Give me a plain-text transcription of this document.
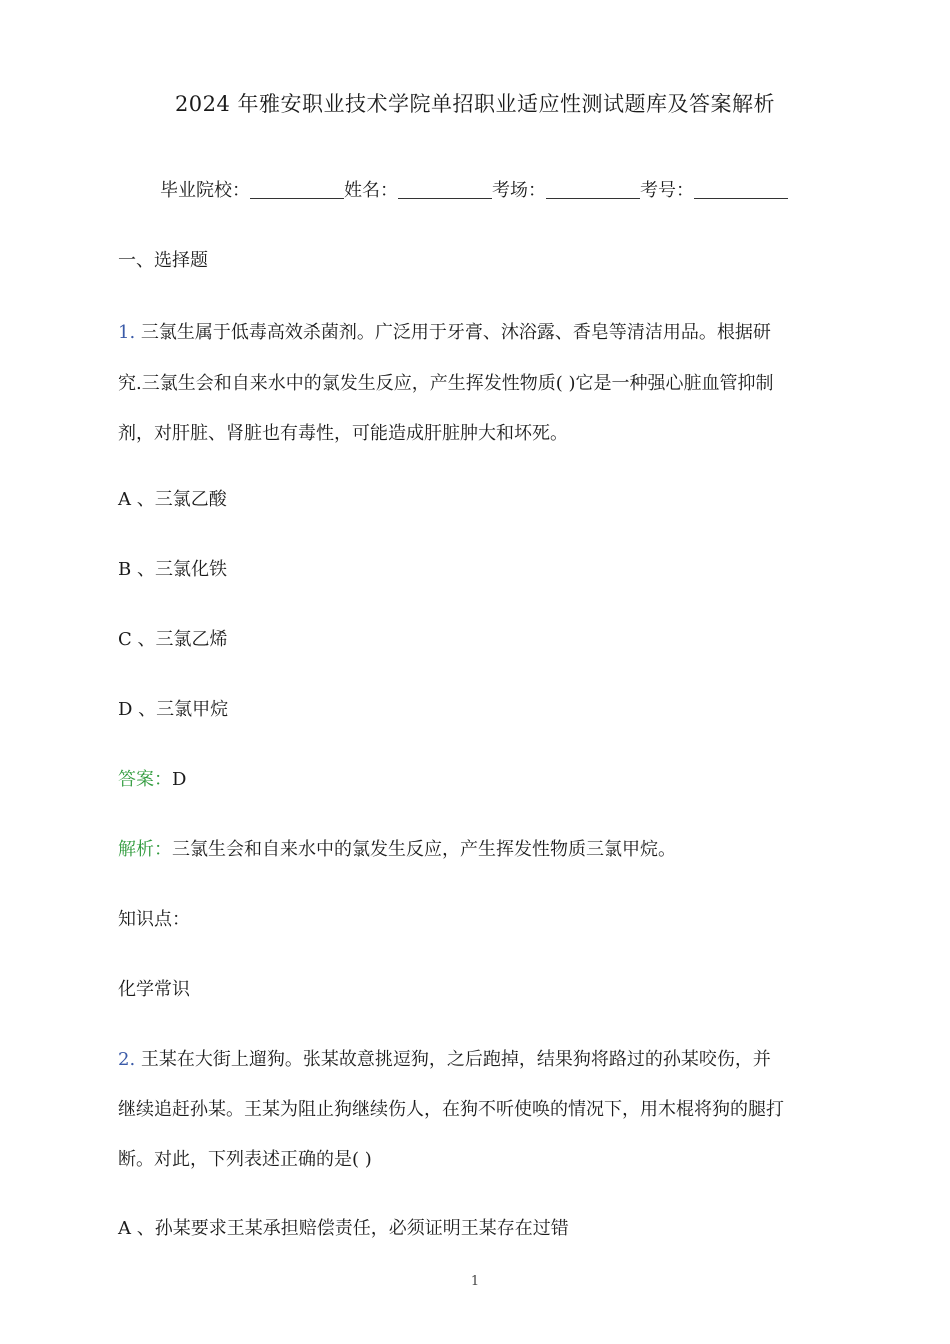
2024 年雅安职业技术学院单招职业适应性测试题库及答案解析
毕业院校：	姓名：	考场：	考号：
一、选择题
1. 三氯生属于低毒高效杀菌剂。广泛用于牙膏、沐浴露、香皂等清洁用品。根据研
究.三氯生会和自来水中的氯发生反应，产生挥发性物质( )它是一种强心脏血管抑制
剂，对肝脏、肾脏也有毒性，可能造成肝脏肿大和坏死。
A 、三氯乙酸
B 、三氯化铁
C 、三氯乙烯
D 、三氯甲烷
答案：D
解析：三氯生会和自来水中的氯发生反应，产生挥发性物质三氯甲烷。
知识点：
化学常识
2. 王某在大街上遛狗。张某故意挑逗狗，之后跑掉，结果狗将路过的孙某咬伤，并
继续追赶孙某。王某为阻止狗继续伤人，在狗不听使唤的情况下，用木棍将狗的腿打
断。对此，下列表述正确的是( )
A 、孙某要求王某承担赔偿责任，必须证明王某存在过错
1
